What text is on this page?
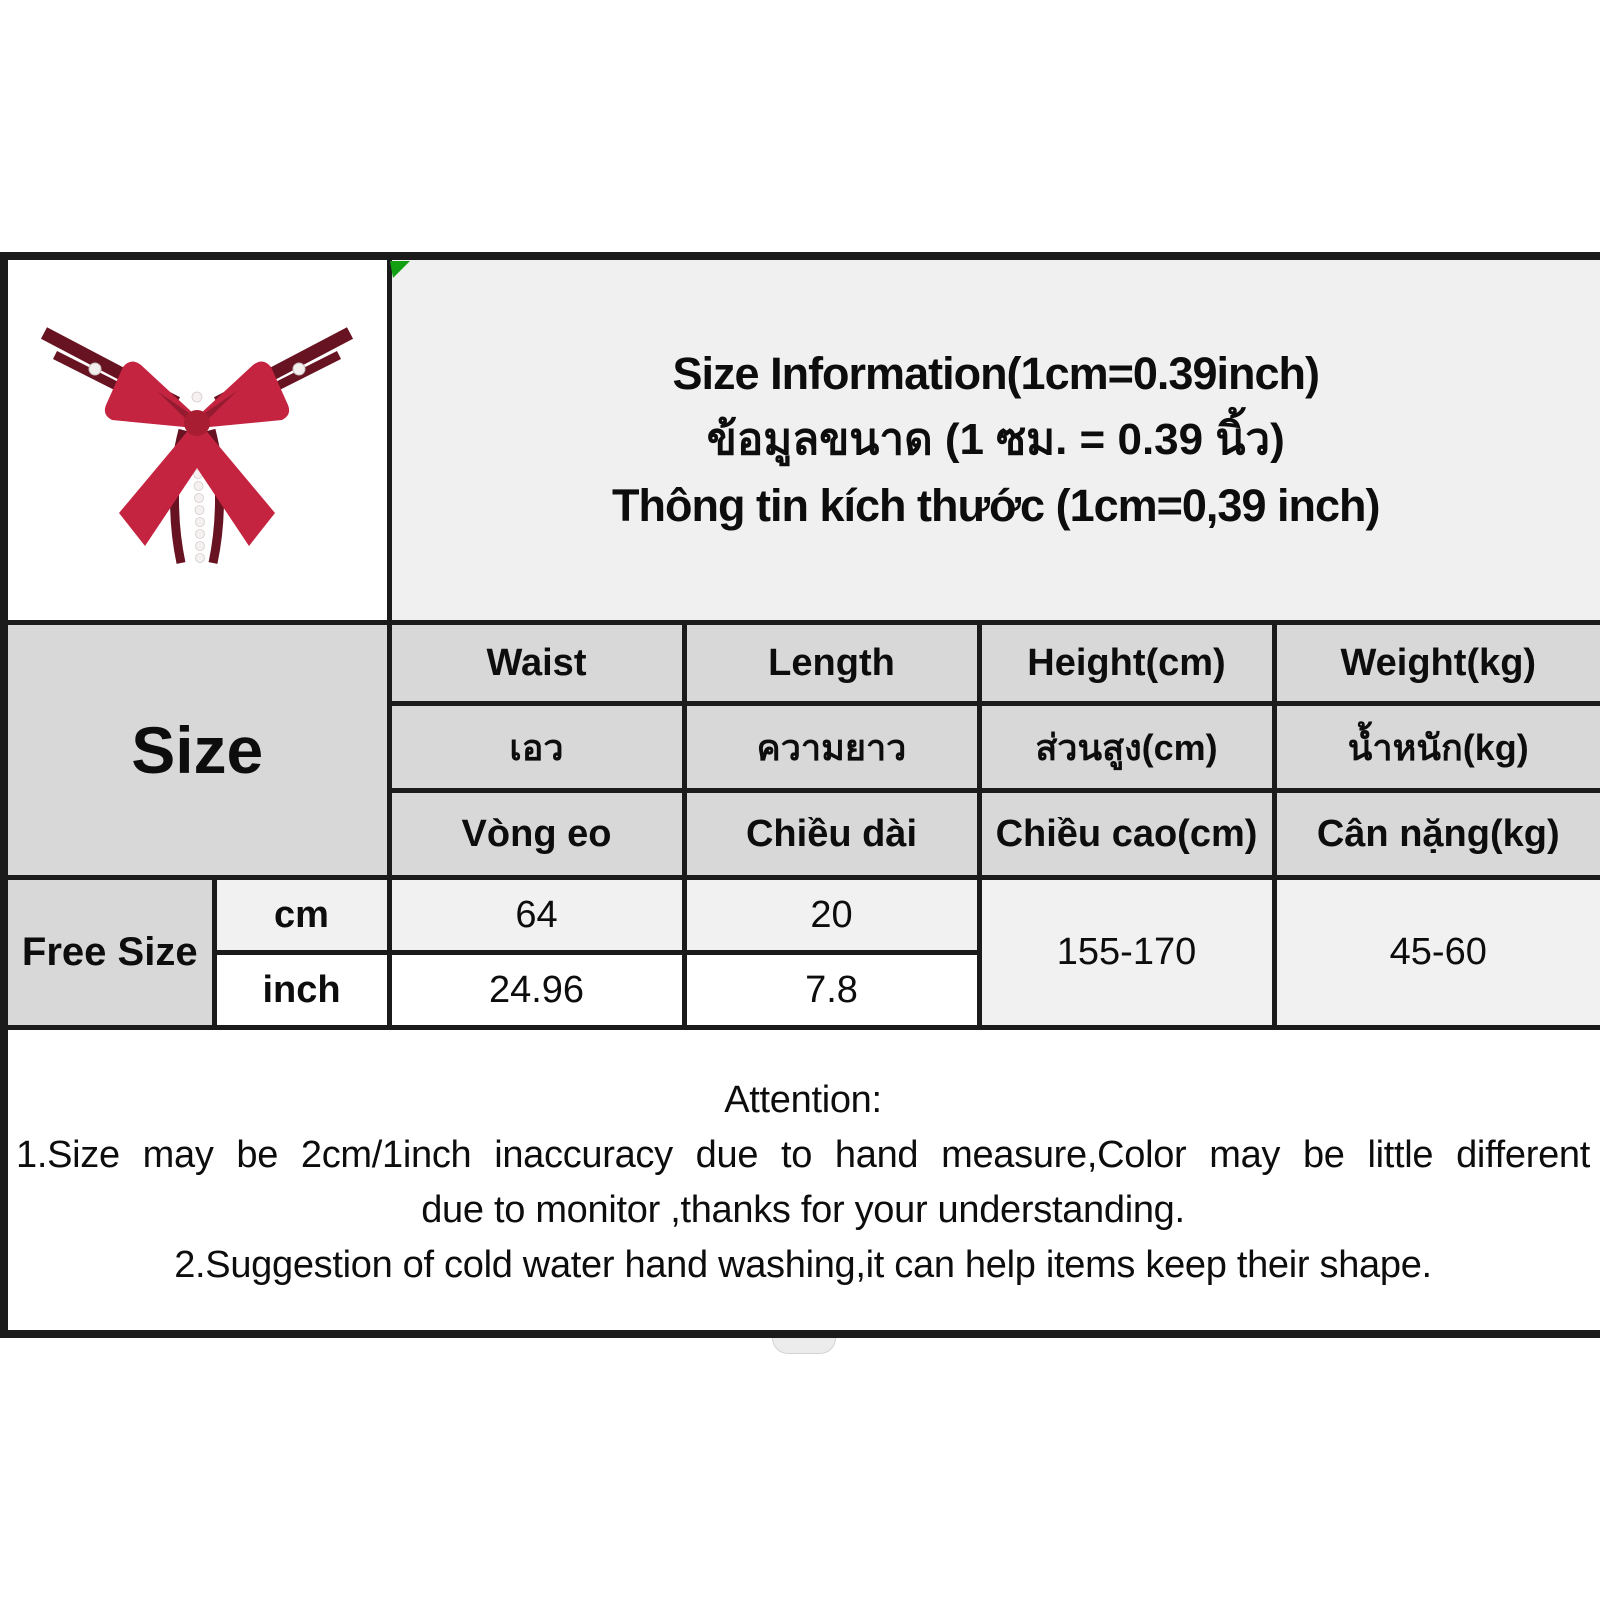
Size Information(1cm=0.39inch)
ข้อมูลขนาด (1 ซม. = 0.39 นิ้ว)
Thông tin kích thước (1cm=0,39 inch)			

Size		Waist	Length	Height(cm)	Weight(kg)
		เอว	ความยาว	ส่วนสูง(cm)	น้ำหนัก(kg)
		Vòng eo	Chiều dài	Chiều cao(cm)	Cân nặng(kg)
Free Size	cm	64	20	155-170	45-60
	inch	24.96	7.8		

Attention:
1.Size may be 2cm/1inch inaccuracy due to hand measure,Color may be little different
due to monitor ,thanks for your understanding.
2.Suggestion of cold water hand washing,it can help items keep their shape.					
